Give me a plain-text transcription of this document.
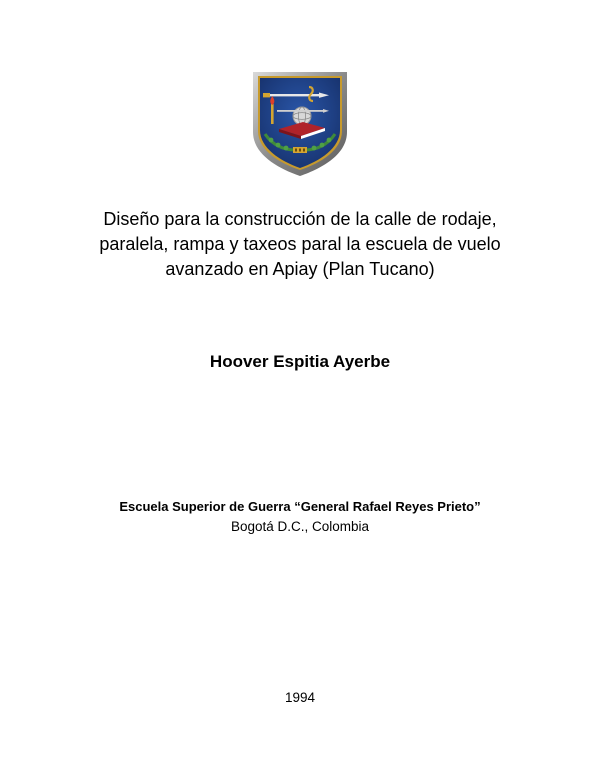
Diseño para la construcción de la calle de rodaje,
paralela, rampa y taxeos paral la escuela de vuelo
avanzado en Apiay (Plan Tucano)

Hoover Espitia Ayerbe

Escuela Superior de Guerra “General Rafael Reyes Prieto”

Bogotá D.C., Colombia

1994
